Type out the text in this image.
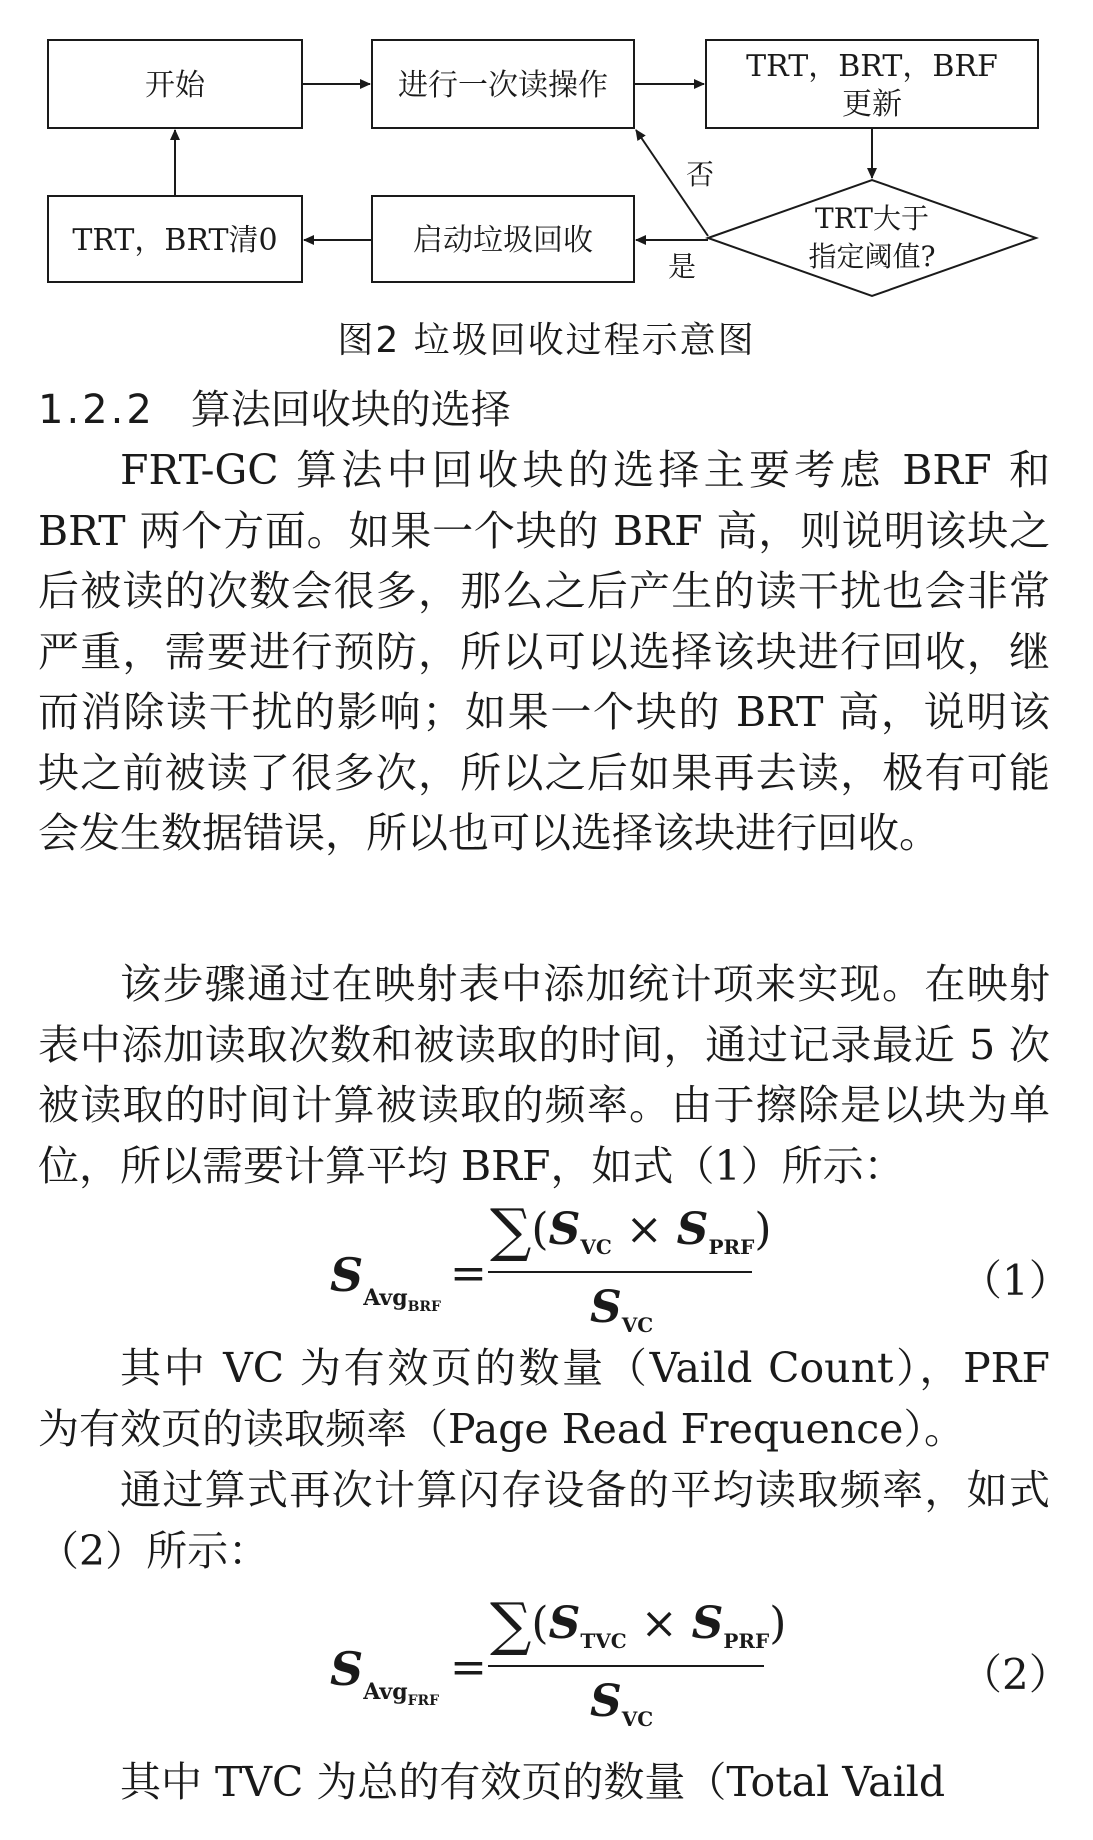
开始	进行一次读操作
TRT，BRT，BRF
更新
TRT大于
指定阈值?
启动垃圾回收
TRT，BRT清0
否
是
图2 垃圾回收过程示意图
1.2.2 算法回收块的选择
FRT-GC 算法中回收块的选择主要考虑 BRF 和 BRT 两个方面。如果一个块的 BRF 高，则说明该块之后被读的次数会很多，那么之后产生的读干扰也会非常严重，需要进行预防，所以可以选择该块进行回收，继而消除读干扰的影响；如果一个块的 BRT 高，说明该块之前被读了很多次，所以之后如果再去读，极有可能会发生数据错误，所以也可以选择该块进行回收。
该步骤通过在映射表中添加统计项来实现。在映射表中添加读取次数和被读取的时间，通过记录最近 5 次被读取的时间计算被读取的频率。由于擦除是以块为单位，所以需要计算平均 BRF，如式（1）所示：
$S_{Avg_{BRF}}$
=
$\sum(S_{VC} \times S_{PRF})$
$S_{VC}$
（1）
其中 VC 为有效页的数量（Vaild Count），PRF 为有效页的读取频率（Page Read Frequence）。
通过算式再次计算闪存设备的平均读取频率，如式（2）所示：
$S_{Avg_{FRF}}$
=
$\sum(S_{TVC} \times S_{PRF})$
$S_{VC}$
（2）
其中 TVC 为总的有效页的数量（Total Vaild
